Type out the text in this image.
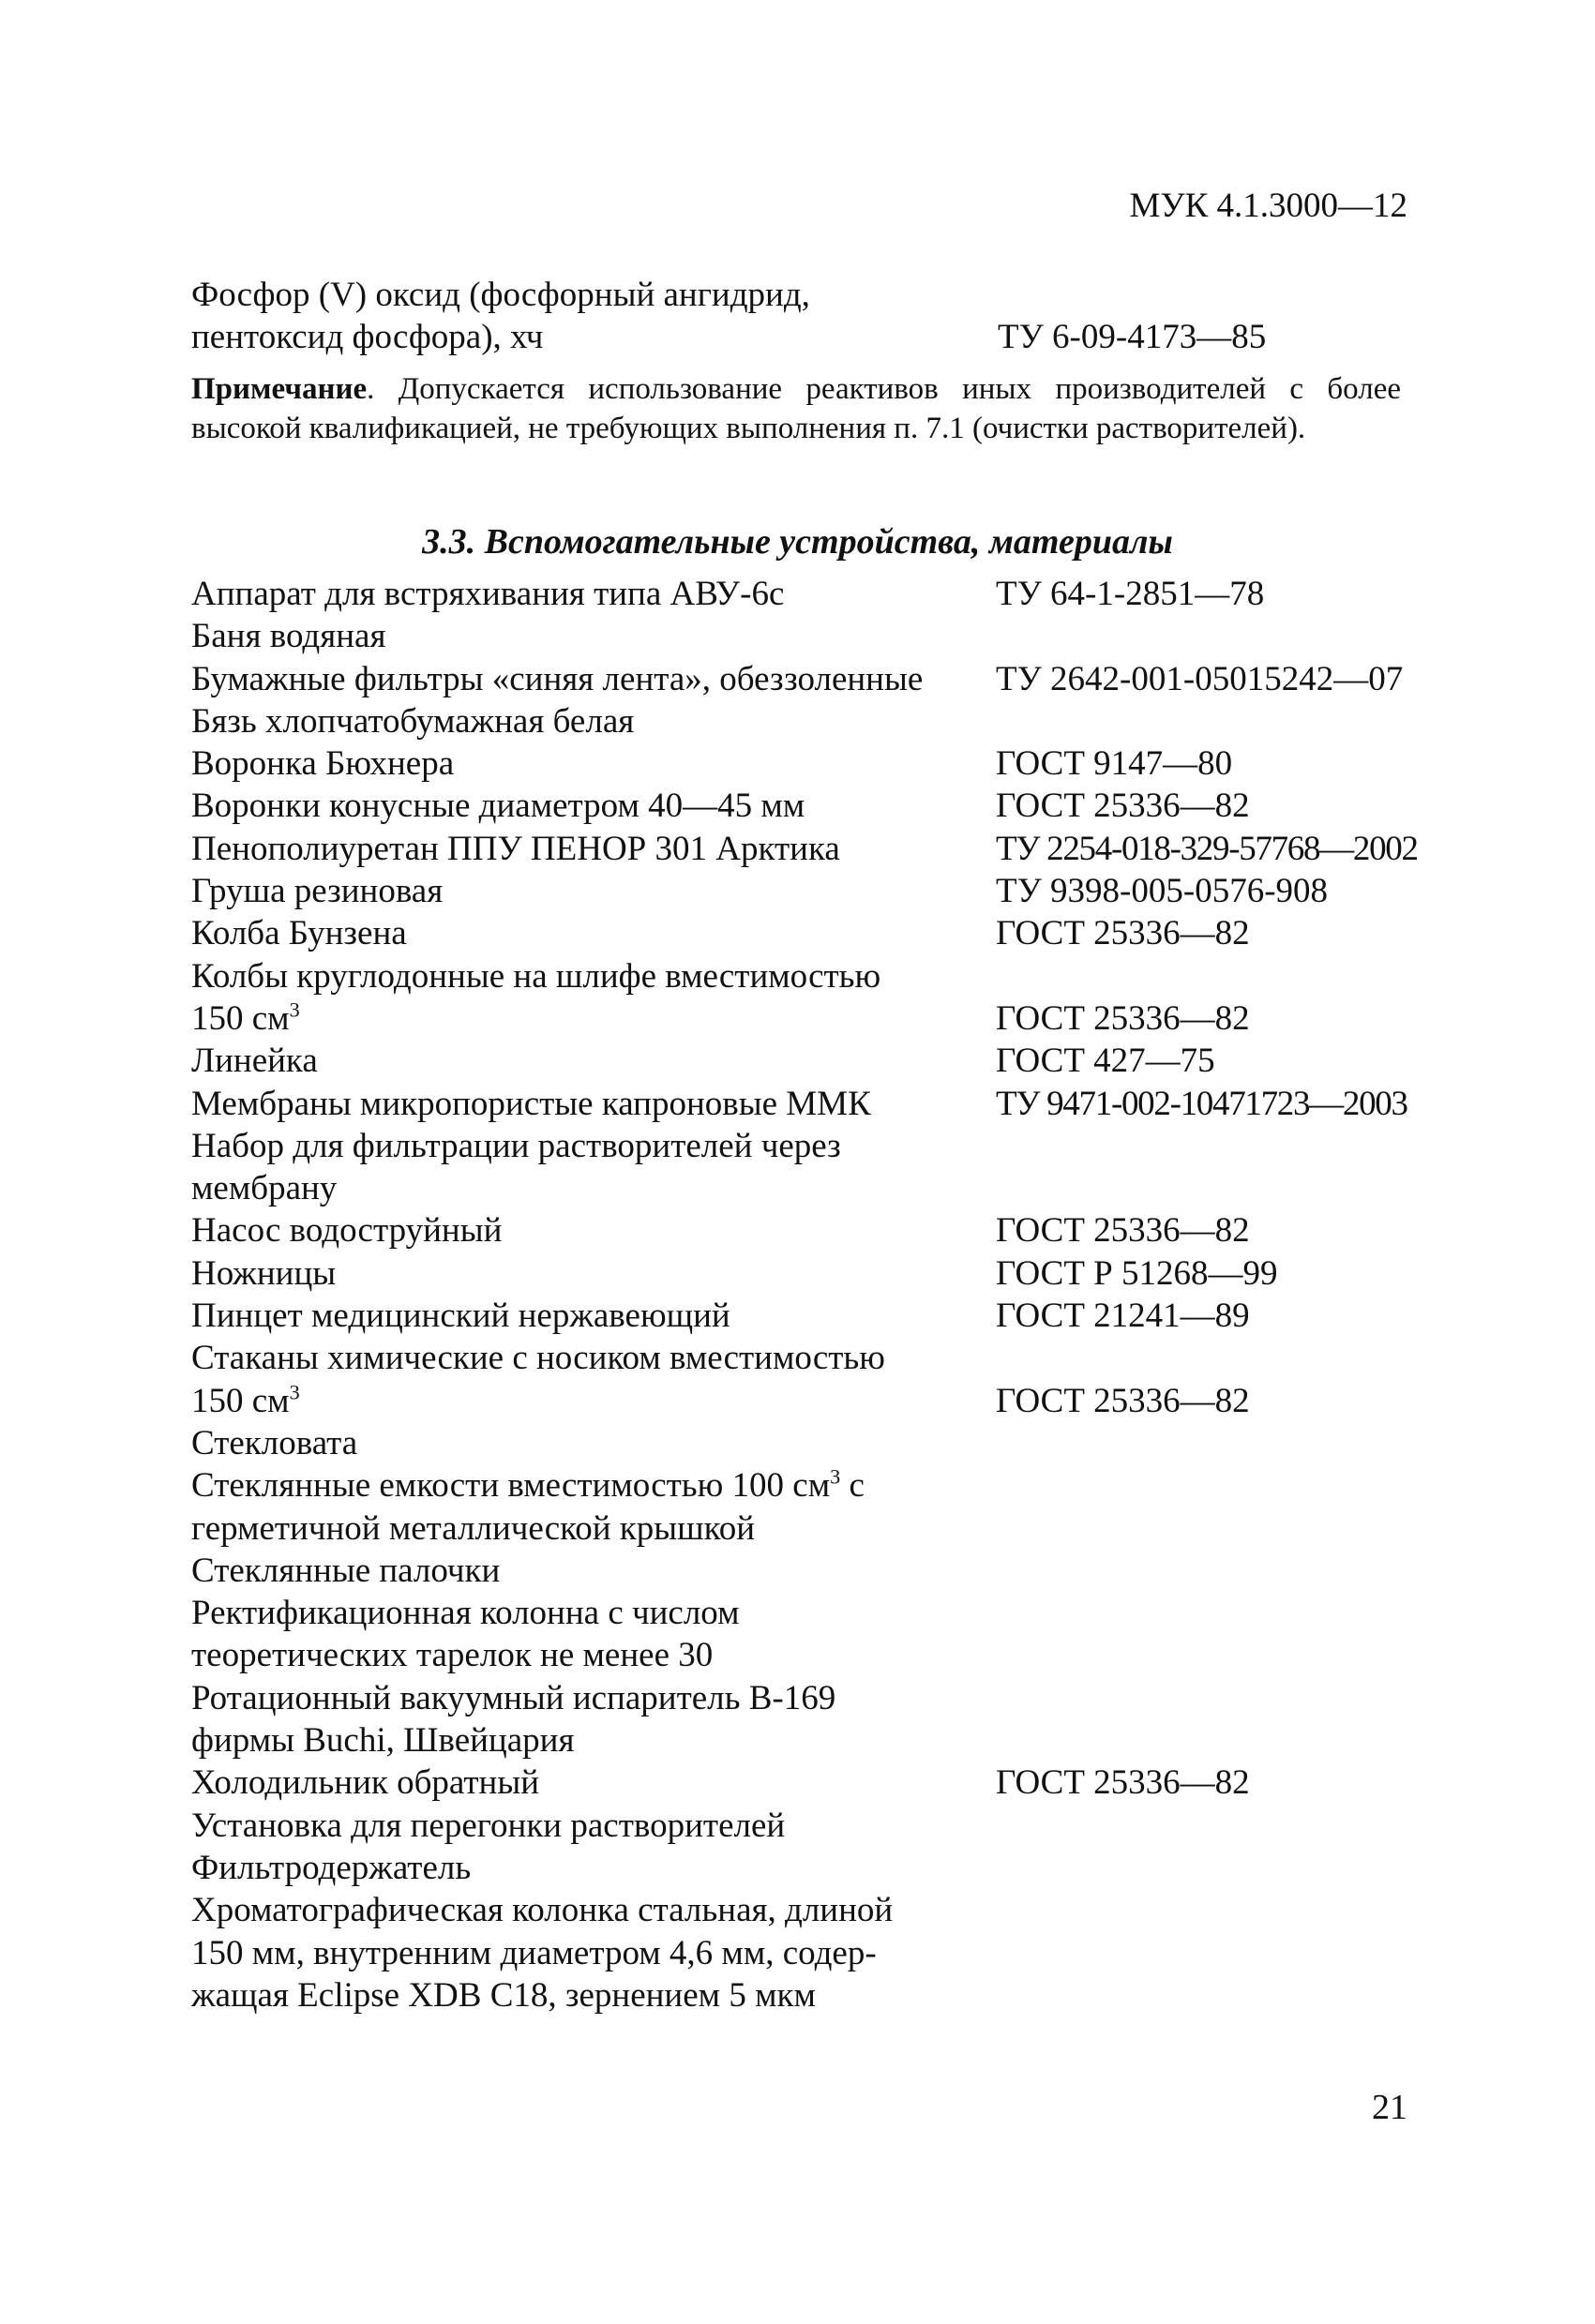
МУК 4.1.3000—12
Фосфор (V) оксид (фосфорный ангидрид,
пентоксид фосфора), хч	ТУ 6-09-4173—85

Примечание. Допускается использование реактивов иных производителей с более высокой квалификацией, не требующих выполнения п. 7.1 (очистки растворителей).

3.3. Вспомогательные устройства, материалы
Аппарат для встряхивания типа АВУ-6с	ТУ 64-1-2851—78
Баня водяная
Бумажные фильтры «синяя лента», обеззоленные	ТУ 2642-001-05015242—07
Бязь хлопчатобумажная белая
Воронка Бюхнера	ГОСТ 9147—80
Воронки конусные диаметром 40—45 мм	ГОСТ 25336—82
Пенополиуретан ППУ ПЕНОР 301 Арктика	ТУ 2254-018-329-57768—2002
Груша резиновая	ТУ 9398-005-0576-908
Колба Бунзена	ГОСТ 25336—82
Колбы круглодонные на шлифе вместимостью
150 $см^3$	ГОСТ 25336—82
Линейка	ГОСТ 427—75
Мембраны микропористые капроновые ММК	ТУ 9471-002-10471723—2003
Набор для фильтрации растворителей через
мембрану
Насос водоструйный	ГОСТ 25336—82
Ножницы	ГОСТ Р 51268—99
Пинцет медицинский нержавеющий	ГОСТ 21241—89
Стаканы химические с носиком вместимостью
150 $см^3$	ГОСТ 25336—82
Стекловата
Стеклянные емкости вместимостью 100 $см^3$ с
герметичной металлической крышкой
Стеклянные палочки
Ректификационная колонна с числом
теоретических тарелок не менее 30
Ротационный вакуумный испаритель В-169
фирмы Buchi, Швейцария
Холодильник обратный	ГОСТ 25336—82
Установка для перегонки растворителей
Фильтродержатель
Хроматографическая колонка стальная, длиной
150 мм, внутренним диаметром 4,6 мм, содер-
жащая Eclipse XDB C18, зернением 5 мкм
21
